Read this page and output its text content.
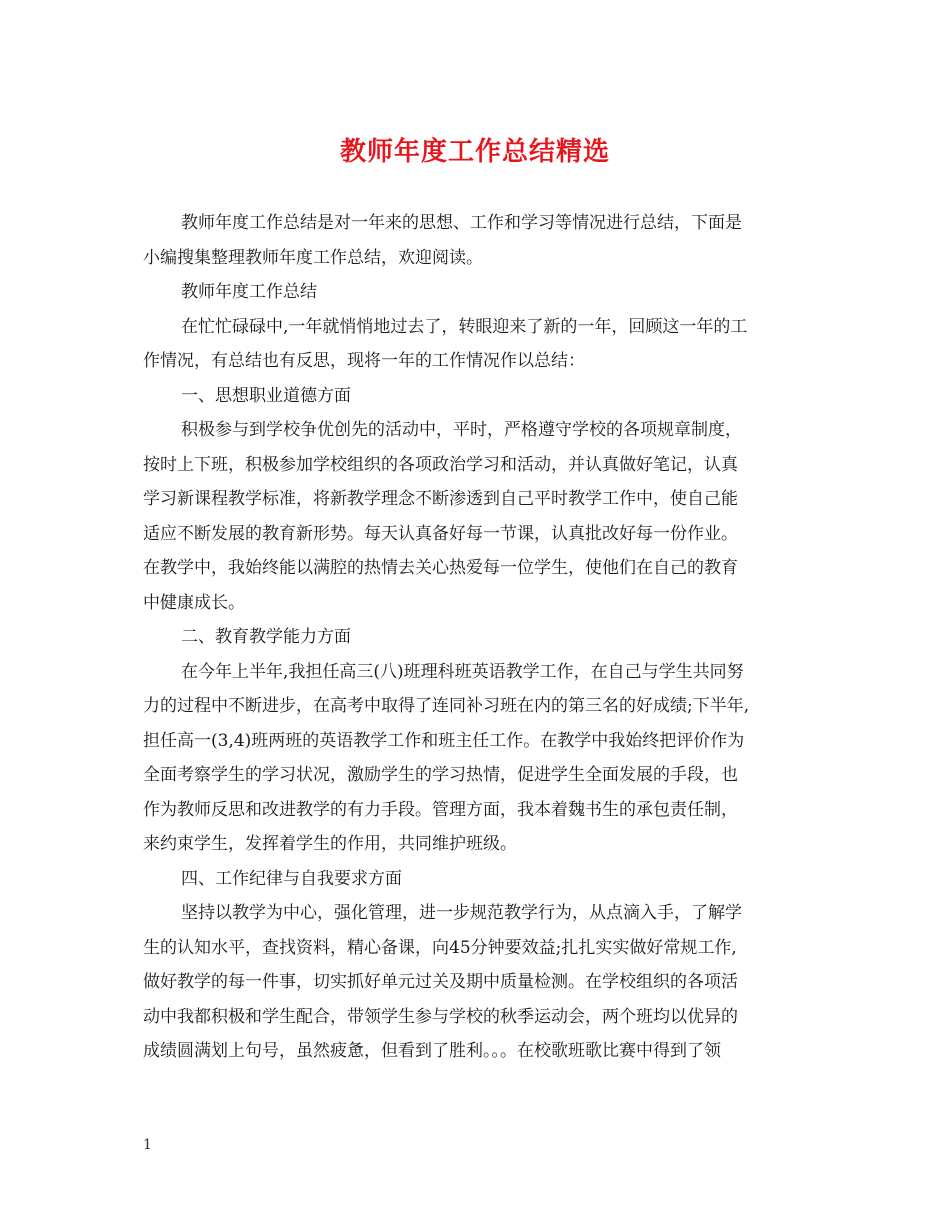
教师年度工作总结精选
教师年度工作总结是对一年来的思想、工作和学习等情况进行总结，下面是
小编搜集整理教师年度工作总结，欢迎阅读。
教师年度工作总结
在忙忙碌碌中,一年就悄悄地过去了，转眼迎来了新的一年，回顾这一年的工
作情况，有总结也有反思，现将一年的工作情况作以总结：
一、思想职业道德方面
积极参与到学校争优创先的活动中，平时，严格遵守学校的各项规章制度，
按时上下班，积极参加学校组织的各项政治学习和活动，并认真做好笔记，认真
学习新课程教学标准，将新教学理念不断渗透到自己平时教学工作中，使自己能
适应不断发展的教育新形势。每天认真备好每一节课，认真批改好每一份作业。
在教学中，我始终能以满腔的热情去关心热爱每一位学生，使他们在自己的教育
中健康成长。
二、教育教学能力方面
在今年上半年,我担任高三(八)班理科班英语教学工作，在自己与学生共同努
力的过程中不断进步，在高考中取得了连同补习班在内的第三名的好成绩;下半年,
担任高一(3,4)班两班的英语教学工作和班主任工作。在教学中我始终把评价作为
全面考察学生的学习状况，激励学生的学习热情，促进学生全面发展的手段，也
作为教师反思和改进教学的有力手段。管理方面，我本着魏书生的承包责任制，
来约束学生，发挥着学生的作用，共同维护班级。
四、工作纪律与自我要求方面
坚持以教学为中心，强化管理，进一步规范教学行为，从点滴入手，了解学
生的认知水平，查找资料，精心备课，向45分钟要效益;扎扎实实做好常规工作,
做好教学的每一件事，切实抓好单元过关及期中质量检测。在学校组织的各项活
动中我都积极和学生配合，带领学生参与学校的秋季运动会，两个班均以优异的
成绩圆满划上句号，虽然疲惫，但看到了胜利。。。在校歌班歌比赛中得到了领
1
